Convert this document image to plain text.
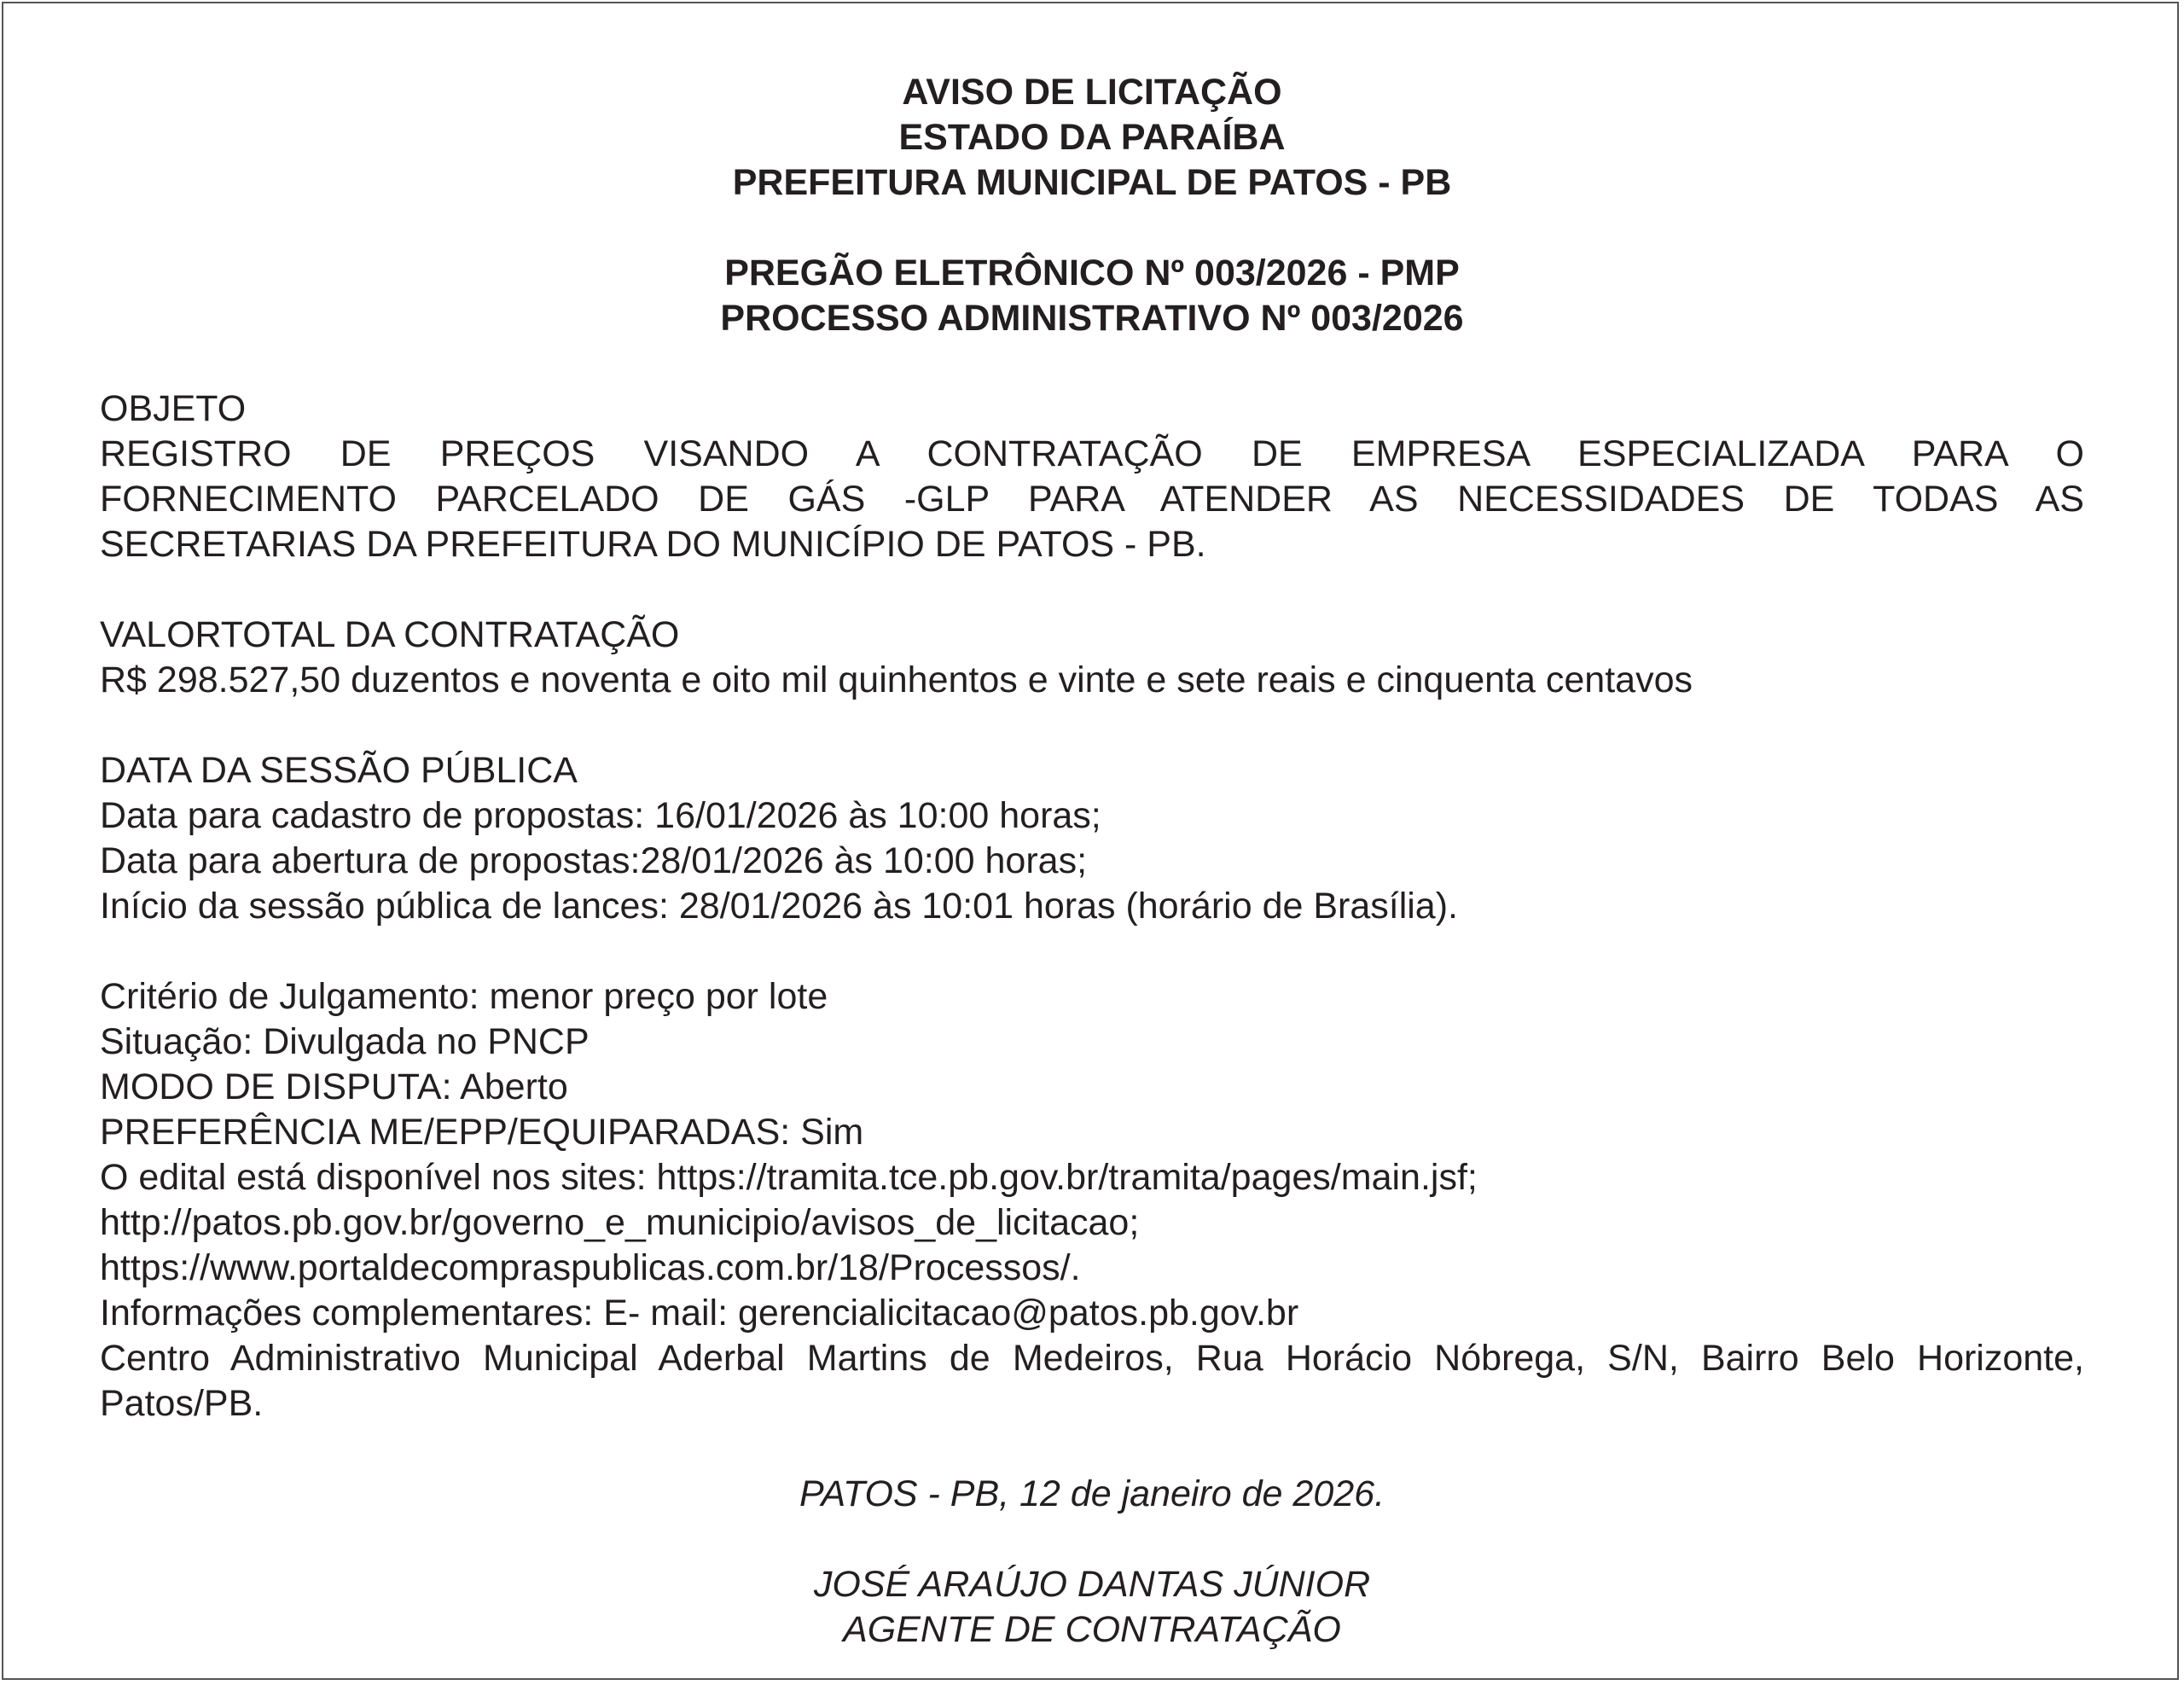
AVISO DE LICITAÇÃO
ESTADO DA PARAÍBA
PREFEITURA MUNICIPAL DE PATOS - PB
PREGÃO ELETRÔNICO Nº 003/2026 - PMP
PROCESSO ADMINISTRATIVO Nº 003/2026
OBJETO
REGISTRO DE PREÇOS VISANDO A CONTRATAÇÃO DE EMPRESA ESPECIALIZADA PARA O
FORNECIMENTO PARCELADO DE GÁS -GLP PARA ATENDER AS NECESSIDADES DE TODAS AS
SECRETARIAS DA PREFEITURA DO MUNICÍPIO DE PATOS - PB.
VALORTOTAL DA CONTRATAÇÃO
R$ 298.527,50 duzentos e noventa e oito mil quinhentos e vinte e sete reais e cinquenta centavos
DATA DA SESSÃO PÚBLICA
Data para cadastro de propostas: 16/01/2026 às 10:00 horas;
Data para abertura de propostas:28/01/2026 às 10:00 horas;
Início da sessão pública de lances: 28/01/2026 às 10:01 horas (horário de Brasília).
Critério de Julgamento: menor preço por lote
Situação: Divulgada no PNCP
MODO DE DISPUTA: Aberto
PREFERÊNCIA ME/EPP/EQUIPARADAS: Sim
O edital está disponível nos sites: https://tramita.tce.pb.gov.br/tramita/pages/main.jsf;
http://patos.pb.gov.br/governo_e_municipio/avisos_de_licitacao;
https://www.portaldecompraspublicas.com.br/18/Processos/.
Informações complementares: E- mail: gerencialicitacao@patos.pb.gov.br
Centro Administrativo Municipal Aderbal Martins de Medeiros, Rua Horácio Nóbrega, S/N, Bairro Belo Horizonte, Patos/PB.
PATOS - PB, 12 de janeiro de 2026.
JOSÉ ARAÚJO DANTAS JÚNIOR
AGENTE DE CONTRATAÇÃO
